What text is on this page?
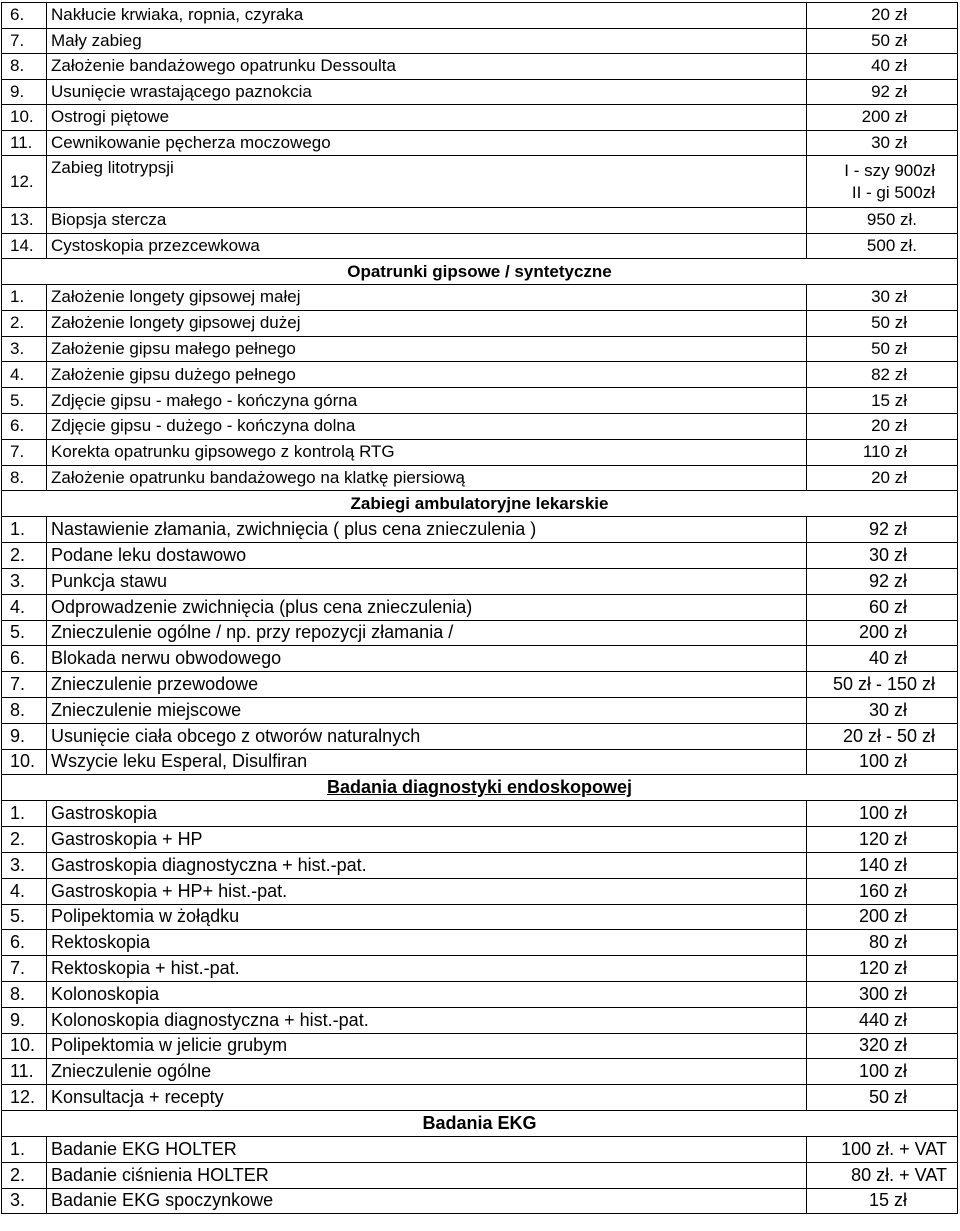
6.	Nakłucie krwiaka, ropnia, czyraka	20 zł
7.	Mały zabieg	50 zł
8.	Założenie bandażowego opatrunku Dessoulta	40 zł
9.	Usunięcie wrastającego paznokcia	92 zł
10.	Ostrogi piętowe	200 zł
11.	Cewnikowanie pęcherza moczowego	30 zł
12.	Zabieg litotrypsji	I - szy 900zł
II - gi 500zł

13.	Biopsja stercza	950 zł.
14.	Cystoskopia przezcewkowa	500 zł.
Opatrunki gipsowe / syntetyczne		
1.	Założenie longety gipsowej małej	30 zł
2.	Założenie longety gipsowej dużej	50 zł
3.	Założenie gipsu małego pełnego	50 zł
4.	Założenie gipsu dużego pełnego	82 zł
5.	Zdjęcie gipsu - małego - kończyna górna	15 zł
6.	Zdjęcie gipsu - dużego - kończyna dolna	20 zł
7.	Korekta opatrunku gipsowego z kontrolą RTG	110 zł
8.	Założenie opatrunku bandażowego na klatkę piersiową	20 zł
Zabiegi ambulatoryjne lekarskie		
1.	Nastawienie złamania, zwichnięcia ( plus cena znieczulenia )	92 zł
2.	Podane leku dostawowo	30 zł
3.	Punkcja stawu	92 zł
4.	Odprowadzenie zwichnięcia (plus cena znieczulenia)	60 zł
5.	Znieczulenie ogólne / np. przy repozycji złamania /	200 zł
6.	Blokada nerwu obwodowego	40 zł
7.	Znieczulenie przewodowe	50 zł - 150 zł
8.	Znieczulenie miejscowe	30 zł
9.	Usunięcie ciała obcego z otworów naturalnych	20 zł - 50 zł
10.	Wszycie leku Esperal, Disulfiran	100 zł
Badania diagnostyki endoskopowej		
1.	Gastroskopia	100 zł
2.	Gastroskopia + HP	120 zł
3.	Gastroskopia diagnostyczna + hist.-pat.	140 zł
4.	Gastroskopia + HP+ hist.-pat.	160 zł
5.	Polipektomia w żołądku	200 zł
6.	Rektoskopia	80 zł
7.	Rektoskopia + hist.-pat.	120 zł
8.	Kolonoskopia	300 zł
9.	Kolonoskopia diagnostyczna + hist.-pat.	440 zł
10.	Polipektomia w jelicie grubym	320 zł
11.	Znieczulenie ogólne	100 zł
12.	Konsultacja + recepty	50 zł
Badania EKG		
1.	Badanie EKG HOLTER	100 zł. + VAT
2.	Badanie ciśnienia HOLTER	80 zł. + VAT
3.	Badanie EKG spoczynkowe	15 zł
